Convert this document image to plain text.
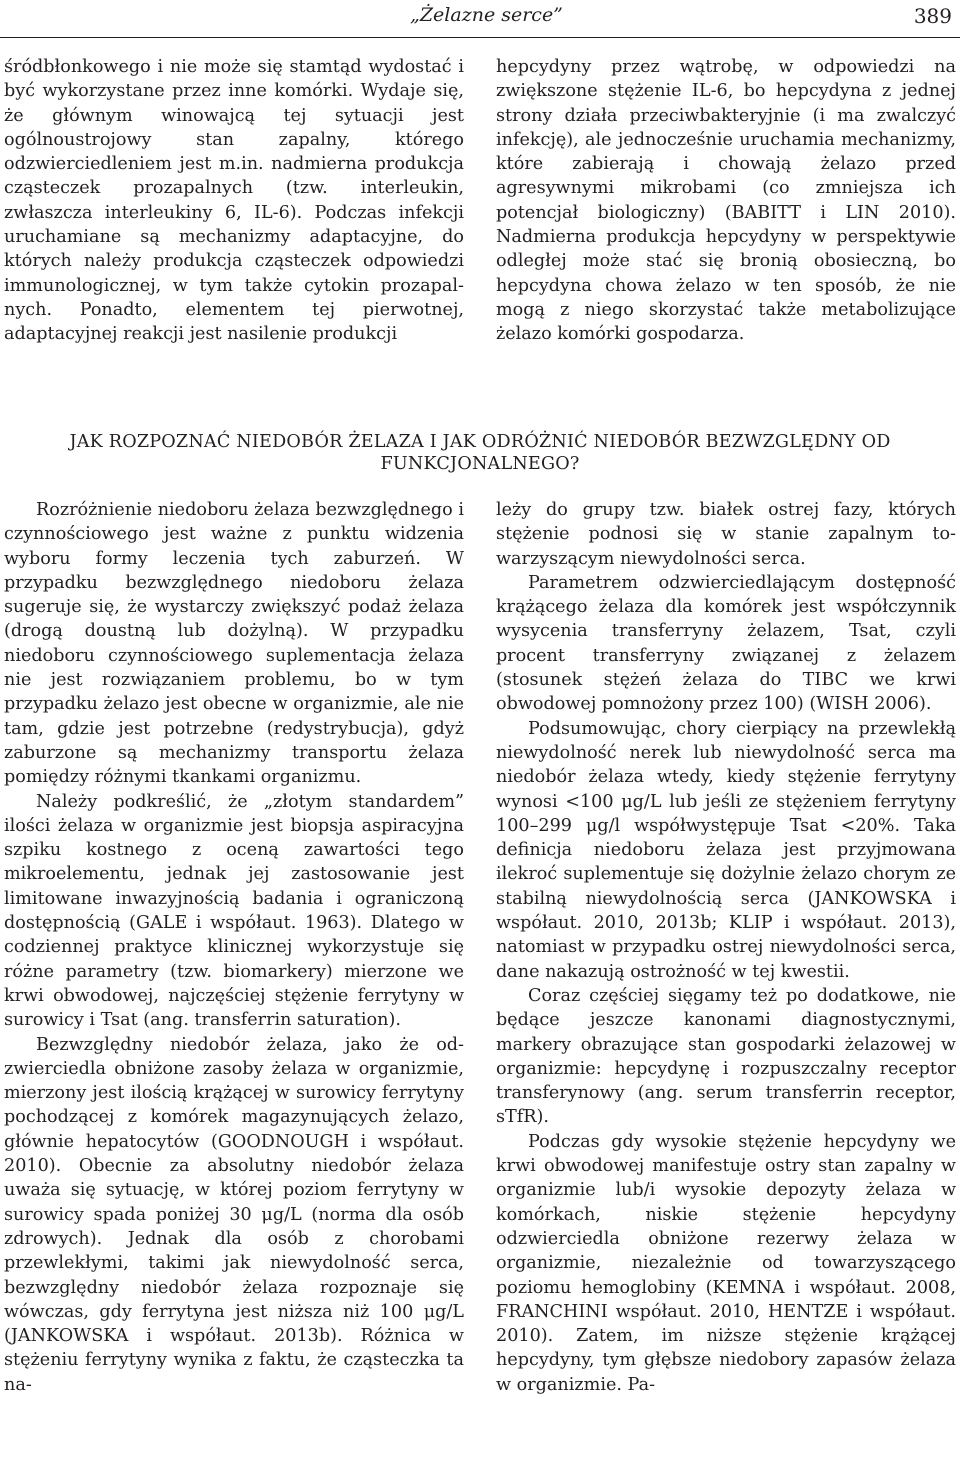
„Żelazne serce”	389

śródbłonkowego i nie może się stamtąd wydostać i być wykorzystane przez inne komórki. Wydaje się, że głównym winowajcą tej sytuacji jest ogólnoustrojowy stan zapalny, którego odzwierciedleniem jest m.in. nadmierna produkcja cząsteczek prozapalnych (tzw. interleukin, zwłaszcza interleukiny 6, IL-6). Podczas infekcji uruchamiane są mechanizmy adaptacyjne, do których należy produkcja cząsteczek odpowiedzi immunologicznej, w tym także cytokin prozapalnych. Ponadto, elementem tej pierwotnej, adaptacyjnej reakcji jest nasilenie produkcji

hepcydyny przez wątrobę, w odpowiedzi na zwiększone stężenie IL-6, bo hepcydyna z jednej strony działa przeciwbakteryjnie (i ma zwalczyć infekcję), ale jednocześnie uruchamia mechanizmy, które zabierają i chowają żelazo przed agresywnymi mikrobami (co zmniejsza ich potencjał biologiczny) (BABITT i LIN 2010). Nadmierna produkcja hepcydyny w perspektywie odległej może stać się bronią obosieczną, bo hepcydyna chowa żelazo w ten sposób, że nie mogą z niego skorzystać także metabolizujące żelazo komórki gospodarza.

JAK ROZPOZNAĆ NIEDOBÓR ŻELAZA I JAK ODRÓŻNIĆ NIEDOBÓR BEZWZGLĘDNY OD FUNKCJONALNEGO?

Rozróżnienie niedoboru żelaza bezwzględnego i czynnościowego jest ważne z punktu widzenia wyboru formy leczenia tych zaburzeń. W przypadku bezwzględnego niedoboru żelaza sugeruje się, że wystarczy zwiększyć podaż żelaza (drogą doustną lub dożylną). W przypadku niedoboru czynnościowego suplementacja żelaza nie jest rozwiązaniem problemu, bo w tym przypadku żelazo jest obecne w organizmie, ale nie tam, gdzie jest potrzebne (redystrybucja), gdyż zaburzone są mechanizmy transportu żelaza pomiędzy różnymi tkankami organizmu.

Należy podkreślić, że „złotym standardem” ilości żelaza w organizmie jest biopsja aspiracyjna szpiku kostnego z oceną zawartości tego mikroelementu, jednak jej zastosowanie jest limitowane inwazyjnością badania i ograniczoną dostępnością (GALE i współaut. 1963). Dlatego w codziennej praktyce klinicznej wykorzystuje się różne parametry (tzw. biomarkery) mierzone we krwi obwodowej, najczęściej stężenie ferrytyny w surowicy i Tsat (ang. transferrin saturation).

Bezwzględny niedobór żelaza, jako że odzwierciedla obniżone zasoby żelaza w organizmie, mierzony jest ilością krążącej w surowicy ferrytyny pochodzącej z komórek magazynujących żelazo, głównie hepatocytów (GOODNOUGH i współaut. 2010). Obecnie za absolutny niedobór żelaza uważa się sytuację, w której poziom ferrytyny w surowicy spada poniżej 30 μg/L (norma dla osób zdrowych). Jednak dla osób z chorobami przewlekłymi, takimi jak niewydolność serca, bezwzględny niedobór żelaza rozpoznaje się wówczas, gdy ferrytyna jest niższa niż 100 μg/L (JANKOWSKA i współaut. 2013b). Różnica w stężeniu ferrytyny wynika z faktu, że cząsteczka ta na-

leży do grupy tzw. białek ostrej fazy, których stężenie podnosi się w stanie zapalnym towarzyszącym niewydolności serca.

Parametrem odzwierciedlającym dostępność krążącego żelaza dla komórek jest współczynnik wysycenia transferryny żelazem, Tsat, czyli procent transferryny związanej z żelazem (stosunek stężeń żelaza do TIBC we krwi obwodowej pomnożony przez 100) (WISH 2006).

Podsumowując, chory cierpiący na przewlekłą niewydolność nerek lub niewydolność serca ma niedobór żelaza wtedy, kiedy stężenie ferrytyny wynosi <100 μg/L lub jeśli ze stężeniem ferrytyny 100–299 μg/l współwystępuje Tsat <20%. Taka definicja niedoboru żelaza jest przyjmowana ilekroć suplementuje się dożylnie żelazo chorym ze stabilną niewydolnością serca (JANKOWSKA i współaut. 2010, 2013b; KLIP i współaut. 2013), natomiast w przypadku ostrej niewydolności serca, dane nakazują ostrożność w tej kwestii.

Coraz częściej sięgamy też po dodatkowe, nie będące jeszcze kanonami diagnostycznymi, markery obrazujące stan gospodarki żelazowej w organizmie: hepcydynę i rozpuszczalny receptor transferynowy (ang. serum transferrin receptor, sTfR).

Podczas gdy wysokie stężenie hepcydyny we krwi obwodowej manifestuje ostry stan zapalny w organizmie lub/i wysokie depozyty żelaza w komórkach, niskie stężenie hepcydyny odzwierciedla obniżone rezerwy żelaza w organizmie, niezależnie od towarzyszącego poziomu hemoglobiny (KEMNA i współaut. 2008, FRANCHINI współaut. 2010, HENTZE i współaut. 2010). Zatem, im niższe stężenie krążącej hepcydyny, tym głębsze niedobory zapasów żelaza w organizmie. Pa-
